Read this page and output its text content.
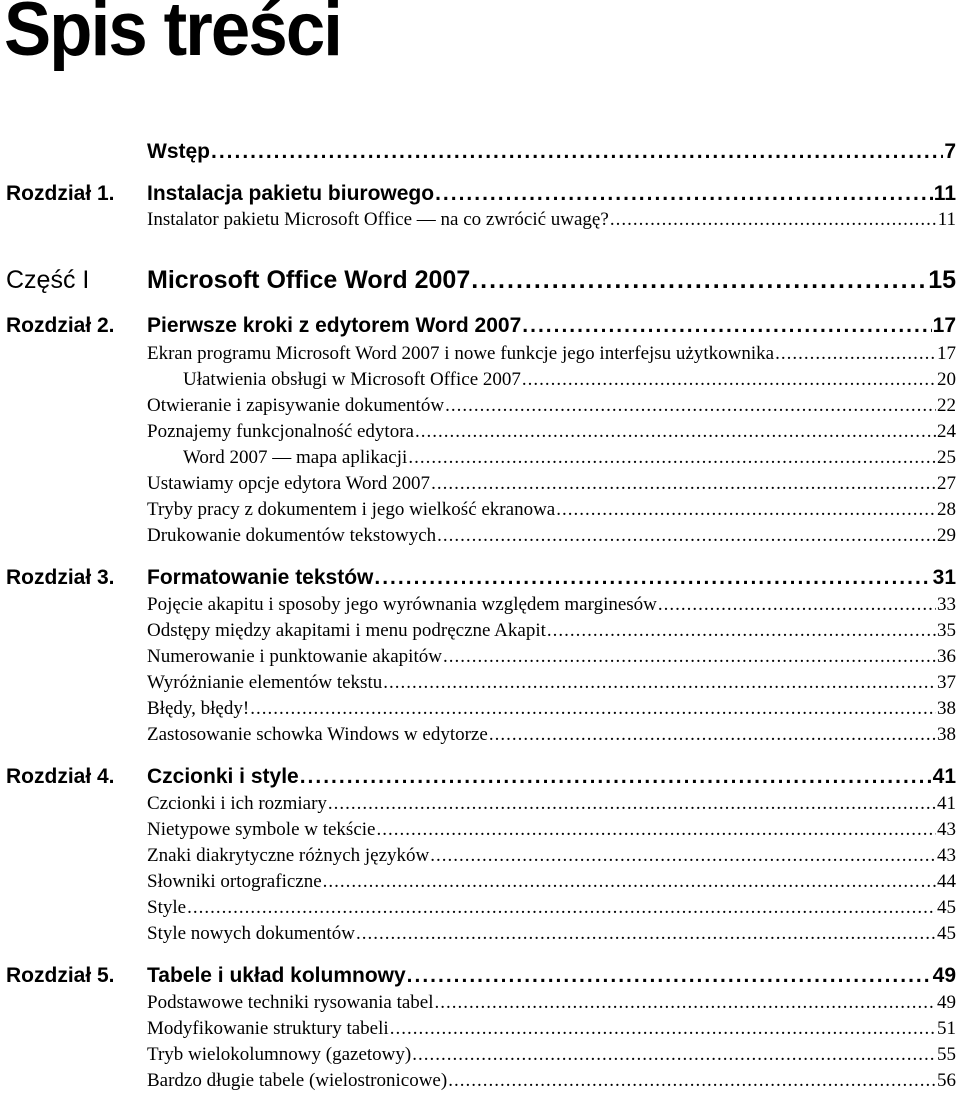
Spis treści
Wstęp .....	7
Rozdział 1. Instalacja pakietu biurowego .....	11
Instalator pakietu Microsoft Office — na co zwrócić uwagę? .....	11
Część I Microsoft Office Word 2007 .....	15
Rozdział 2. Pierwsze kroki z edytorem Word 2007 .....	17
Ekran programu Microsoft Word 2007 i nowe funkcje jego interfejsu użytkownika .....	17
Ułatwienia obsługi w Microsoft Office 2007 .....	20
Otwieranie i zapisywanie dokumentów .....	22
Poznajemy funkcjonalność edytora .....	24
Word 2007 — mapa aplikacji .....	25
Ustawiamy opcje edytora Word 2007 .....	27
Tryby pracy z dokumentem i jego wielkość ekranowa .....	28
Drukowanie dokumentów tekstowych .....	29
Rozdział 3. Formatowanie tekstów .....	31
Pojęcie akapitu i sposoby jego wyrównania względem marginesów .....	33
Odstępy między akapitami i menu podręczne Akapit .....	35
Numerowanie i punktowanie akapitów .....	36
Wyróżnianie elementów tekstu .....	37
Błędy, błędy! .....	38
Zastosowanie schowka Windows w edytorze .....	38
Rozdział 4. Czcionki i style .....	41
Czcionki i ich rozmiary .....	41
Nietypowe symbole w tekście .....	43
Znaki diakrytyczne różnych języków .....	43
Słowniki ortograficzne .....	44
Style .....	45
Style nowych dokumentów .....	45
Rozdział 5. Tabele i układ kolumnowy .....	49
Podstawowe techniki rysowania tabel .....	49
Modyfikowanie struktury tabeli .....	51
Tryb wielokolumnowy (gazetowy) .....	55
Bardzo długie tabele (wielostronicowe) .....	56
